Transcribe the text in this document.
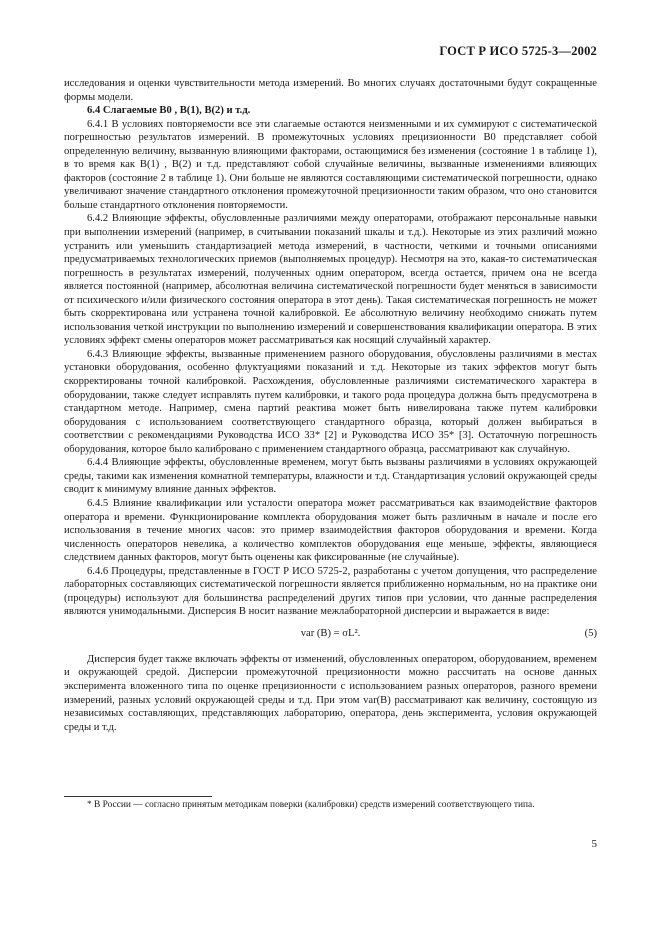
ГОСТ Р ИСО 5725-3—2002

исследования и оценки чувствительности метода измерений. Во многих случаях достаточными будут сокращенные формы модели.

6.4 Слагаемые B0 , B(1), B(2) и т.д.

6.4.1 В условиях повторяемости все эти слагаемые остаются неизменными и их суммируют с систематической погрешностью результатов измерений. В промежуточных условиях прецизионности B0 представляет собой определенную величину, вызванную влияющими факторами, остающимися без изменения (состояние 1 в таблице 1), в то время как B(1) , B(2) и т.д. представляют собой случайные величины, вызванные изменениями влияющих факторов (состояние 2 в таблице 1). Они больше не являются составляющими систематической погрешности, однако увеличивают значение стандартного отклонения промежуточной прецизионности таким образом, что оно становится больше стандартного отклонения повторяемости.

6.4.2 Влияющие эффекты, обусловленные различиями между операторами, отображают персональные навыки при выполнении измерений (например, в считывании показаний шкалы и т.д.). Некоторые из этих различий можно устранить или уменьшить стандартизацией метода измерений, в частности, четкими и точными описаниями предусматриваемых технологических приемов (выполняемых процедур). Несмотря на это, какая-то систематическая погрешность в результатах измерений, полученных одним оператором, всегда остается, причем она не всегда является постоянной (например, абсолютная величина систематической погрешности будет меняться в зависимости от психического и/или физического состояния оператора в этот день). Такая систематическая погрешность не может быть скорректирована или устранена точной калибровкой. Ее абсолютную величину необходимо снижать путем использования четкой инструкции по выполнению измерений и совершенствования квалификации оператора. В этих условиях эффект смены операторов может рассматриваться как носящий случайный характер.

6.4.3 Влияющие эффекты, вызванные применением разного оборудования, обусловлены различиями в местах установки оборудования, особенно флуктуациями показаний и т.д. Некоторые из таких эффектов могут быть скорректированы точной калибровкой. Расхождения, обусловленные различиями систематического характера в оборудовании, также следует исправлять путем калибровки, и такого рода процедура должна быть предусмотрена в стандартном методе. Например, смена партий реактива может быть нивелирована также путем калибровки оборудования с использованием соответствующего стандартного образца, который должен выбираться в соответствии с рекомендациями Руководства ИСО 33* [2] и Руководства ИСО 35* [3]. Остаточную погрешность оборудования, которое было калибровано с применением стандартного образца, рассматривают как случайную.

6.4.4 Влияющие эффекты, обусловленные временем, могут быть вызваны различиями в условиях окружающей среды, такими как изменения комнатной температуры, влажности и т.д. Стандартизация условий окружающей среды сводит к минимуму влияние данных эффектов.

6.4.5 Влияние квалификации или усталости оператора может рассматриваться как взаимодействие факторов оператора и времени. Функционирование комплекта оборудования может быть различным в начале и после его использования в течение многих часов: это пример взаимодействия факторов оборудования и времени. Когда численность операторов невелика, а количество комплектов оборудования еще меньше, эффекты, являющиеся следствием данных факторов, могут быть оценены как фиксированные (не случайные).

6.4.6 Процедуры, представленные в ГОСТ Р ИСО 5725-2, разработаны с учетом допущения, что распределение лабораторных составляющих систематической погрешности является приближенно нормальным, но на практике они (процедуры) используют для большинства распределений других типов при условии, что данные распределения являются унимодальными. Дисперсия B носит название межлабораторной дисперсии и выражается в виде:

var (B) = σL².	(5)

Дисперсия будет также включать эффекты от изменений, обусловленных оператором, оборудованием, временем и окружающей средой. Дисперсии промежуточной прецизионности можно рассчитать на основе данных эксперимента вложенного типа по оценке прецизионности с использованием разных операторов, разного времени измерений, разных условий окружающей среды и т.д. При этом var(B) рассматривают как величину, состоящую из независимых составляющих, представляющих лабораторию, оператора, день эксперимента, условия окружающей среды и т.д.

* В России — согласно принятым методикам поверки (калибровки) средств измерений соответствующего типа.
5
